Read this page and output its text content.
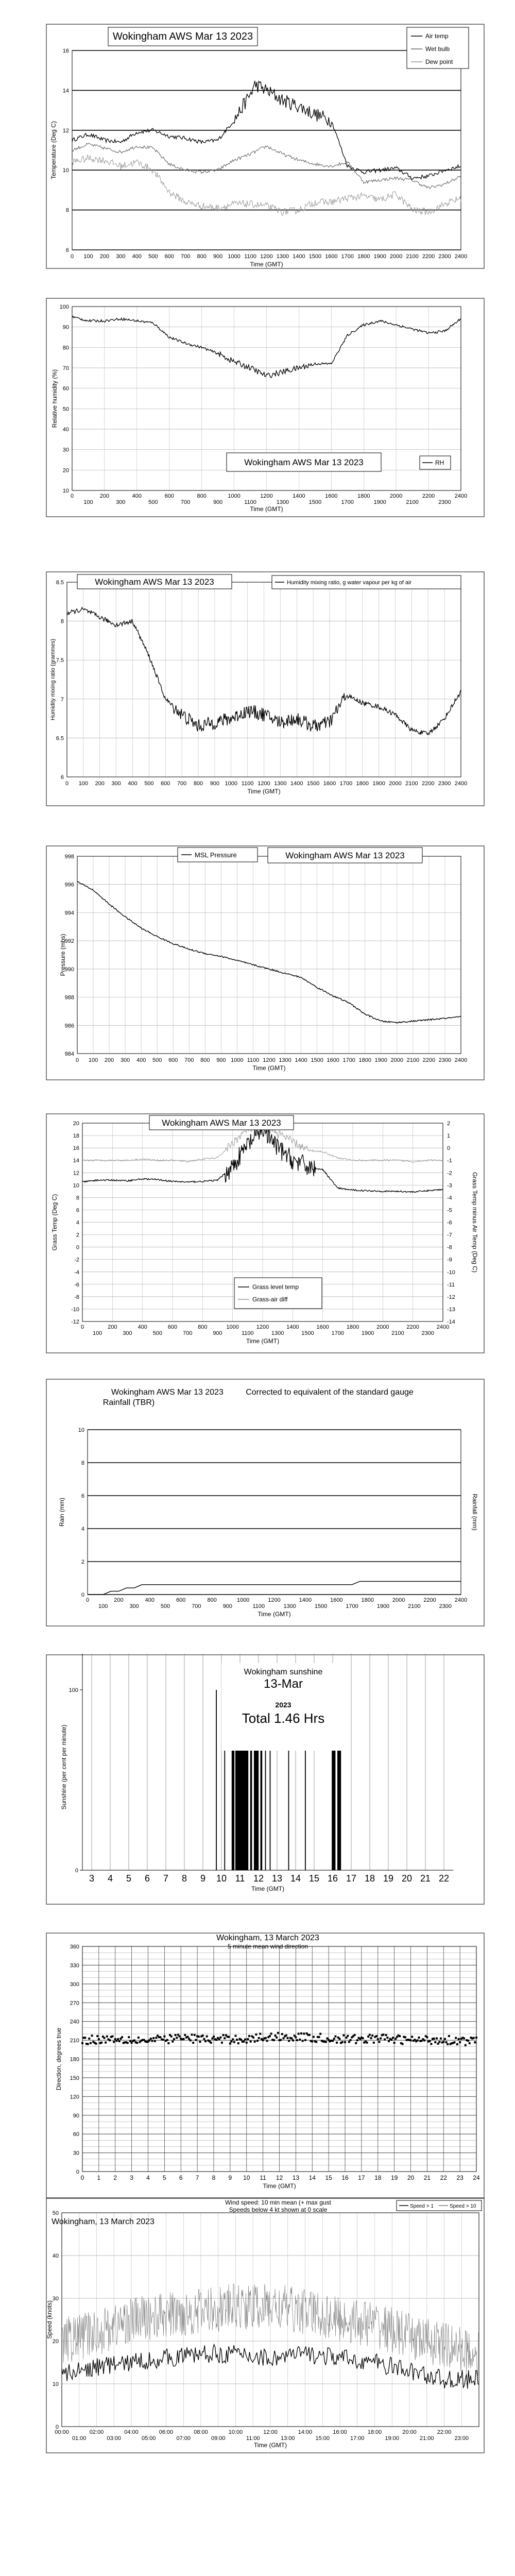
6
8
10
12
14
16
0 100 200 300 400 500 600 700 800 900 1000 1100 1200 1300 1400 1500 1600 1700 1800 1900 2000 2100 2200 2300 2400
Time (GMT)
Temperature (Deg C)
Wokingham AWS Mar 13 2023	Air temp
Wet bulb
Dew point
10
20
30
40
50
60
70
80
90
100
0	200	400	600	800	1000	1200	1400	1600	1800	2000	2200	2400
100	300	500	700	900	1100	1300	1500	1700	1900	2100	2300
Time (GMT)
Relative humidity (%)
Wokingham AWS Mar 13 2023	RH
6
6.5
7
7.5
8
8.5
0 100 200 300 400 500 600 700 800 900 1000 1100 1200 1300 1400 1500 1600 1700 1800 1900 2000 2100 2200 2300 2400
Time (GMT)
Humidity mixing ratio (grammes)
Wokingham AWS Mar 13 2023	Humidity mixing ratio, g water vapour per kg of air
984
986
988
990
992
994
996
998
0 100 200 300 400 500 600 700 800 900 1000 1100 1200 1300 1400 1500 1600 1700 1800 1900 2000 2100 2200 2300 2400
Time (GMT)
Pressure (mbs)
MSL Pressure	Wokingham AWS Mar 13 2023
-12
-10
-8
-6
-4
-2
0
2
4
6
8
10
12
14
16
18
20
-14
-13
-12
-11
-10
-9
-8
-7
-6
-5
-4
-3
-2
-1
0
1
2
0	200	400	600	800	1000	1200	1400	1600	1800	2000	2200	2400
100	300	500	700	900	1100	1300	1500	1700	1900	2100	2300
Time (GMT)
Grass Temp (Deg C)	Grass Temp minus Air Temp (Deg C)
Wokingham AWS Mar 13 2023
Grass level temp
Grass-air diff
0
2
4
6
8
10
0	200	400	600	800	1000	1200	1400	1600	1800	2000	2200	2400
100	300	500	700	900	1100	1300	1500	1700	1900	2100	2300
Time (GMT)
Rain (mm)	Rainfall (mm)
Wokingham AWS Mar 13 2023
Rainfall (TBR)
Corrected to equivalent of the standard gauge
0
100
3 4 5 6 7 8 9 10 11 12 13 14 15 16 17 18 19 20 21 22
Time (GMT)
Sunshine (per cent per minute)
Wokingham sunshine
13-Mar
2023
Total 1.46 Hrs
0
30
60
90
120
150
180
210
240
270
300
330
360
0 1 2 3 4 5 6 7 8 9 10 11 12 13 14 15 16 17 18 19 20 21 22 23 24
Time (GMT)
Direction, degrees true
Wokingham, 13 March 2023
5 minute mean wind direction
0
10
20
30
40
50
00:00	02:00	04:00	06:00	08:00	10:00	12:00	14:00	16:00	18:00	20:00	22:00
01:00	03:00	05:00	07:00	09:00	11:00	13:00	15:00	17:00	19:00	21:00	23:00
Time (GMT)
Speed (knots)
Wokingham, 13 March 2023
Wind speed: 10 min mean (+ max gust
Speeds below 4 kt shown at 0 scale	Speed > 1	Speed > 10
